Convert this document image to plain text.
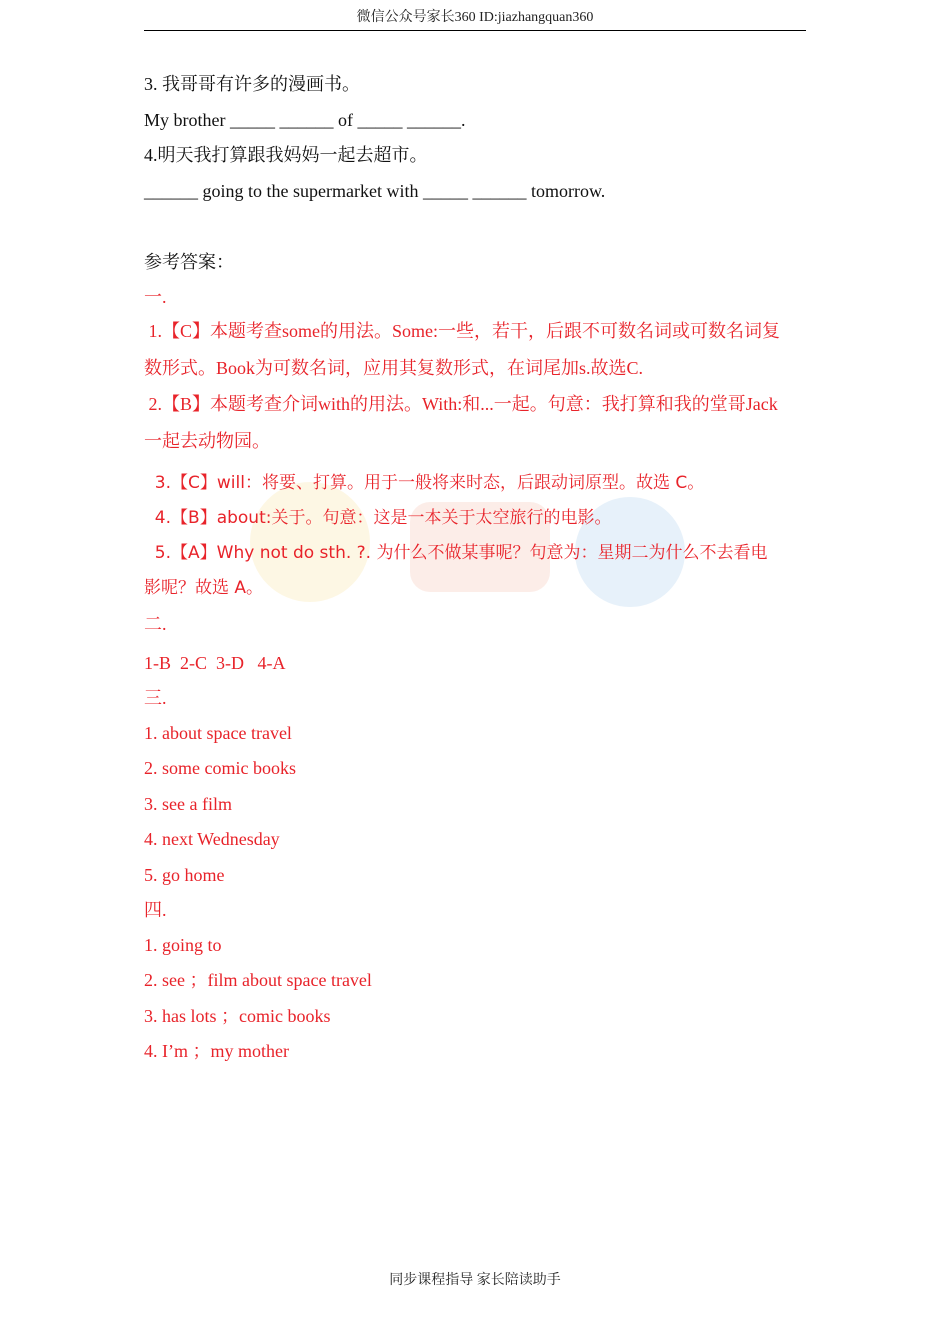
微信公众号家长360 ID:jiazhangquan360
3. 我哥哥有许多的漫画书。
My brother _____ ______ of _____ ______.
4.明天我打算跟我妈妈一起去超市。
______ going to the supermarket with _____ ______ tomorrow.
参考答案：
一.
1.【C】本题考查some的用法。Some:一些，若干，后跟不可数名词或可数名词复
数形式。Book为可数名词，应用其复数形式，在词尾加s.故选C.
2.【B】本题考查介词with的用法。With:和...一起。句意：我打算和我的堂哥Jack
一起去动物园。
3.【C】will：将要、打算。用于一般将来时态，后跟动词原型。故选 C。
4.【B】about:关于。句意：这是一本关于太空旅行的电影。
5.【A】Why not do sth. ?. 为什么不做某事呢？句意为：星期二为什么不去看电
影呢？故选 A。
二.
1-B  2-C  3-D   4-A
三.
1. about space travel
2. some comic books
3. see a film
4. next Wednesday
5. go home
四.
1. going to
2. see ；film about space travel
3. has lots ；comic books
4. I’m ；my mother
同步课程指导 家长陪读助手
